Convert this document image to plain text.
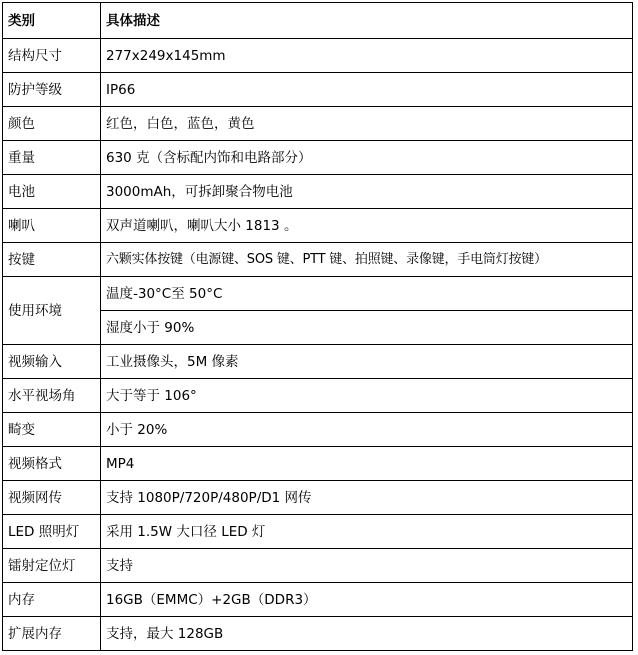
类别	具体描述
结构尺寸	277x249x145mm
防护等级	IP66
颜色	红色，白色，蓝色，黄色
重量	630 克（含标配内饰和电路部分）
电池	3000mAh，可拆卸聚合物电池
喇叭	双声道喇叭，喇叭大小 1813 。
按键	六颗实体按键（电源键、SOS 键、PTT 键、拍照键、录像键，手电筒灯按键）
使用环境	温度-30°C至 50°C
	湿度小于 90%
视频输入	工业摄像头，5M 像素
水平视场角	大于等于 106°
畸变	小于 20%
视频格式	MP4
视频网传	支持 1080P/720P/480P/D1 网传
LED 照明灯	采用 1.5W 大口径 LED 灯
镭射定位灯	支持
内存	16GB（EMMC）+2GB（DDR3）
扩展内存	支持，最大 128GB
